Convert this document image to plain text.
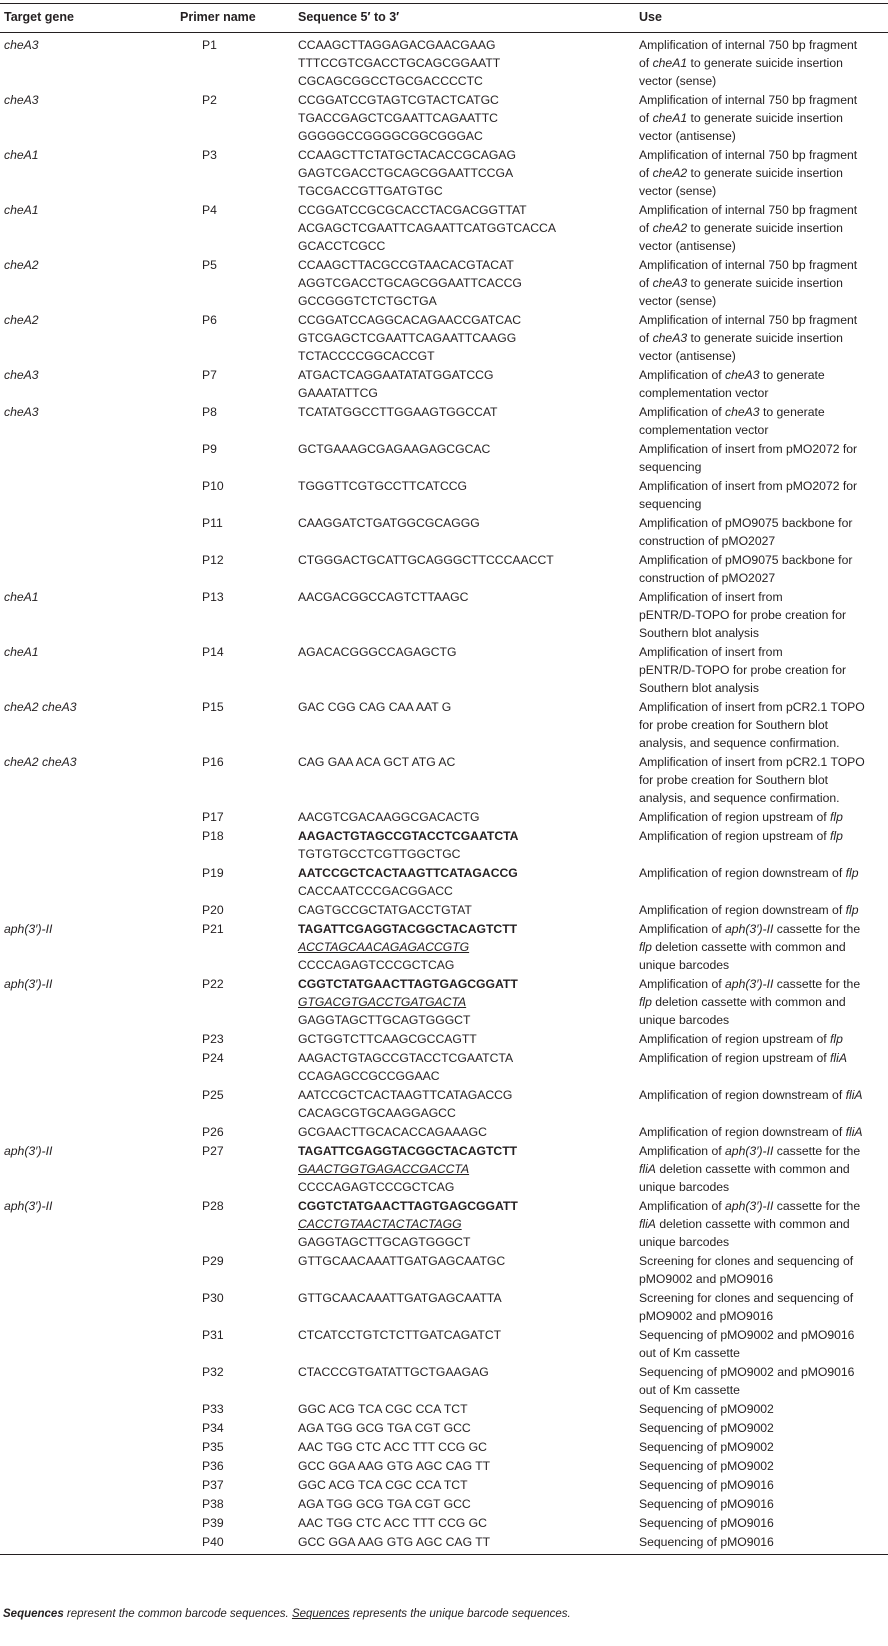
Target gene	Primer name	Sequence 5′ to 3′	Use
cheA3	P1	CCAAGCTTAGGAGACGAACGAAG
TTTCCGTCGACCTGCAGCGGAATT
CGCAGCGGCCTGCGACCCCTC	Amplification of internal 750 bp fragment
of cheA1 to generate suicide insertion
vector (sense)

cheA3	P2	CCGGATCCGTAGTCGTACTCATGC
TGACCGAGCTCGAATTCAGAATTC
GGGGGCCGGGGCGGCGGGAC	Amplification of internal 750 bp fragment
of cheA1 to generate suicide insertion
vector (antisense)

cheA1	P3	CCAAGCTTCTATGCTACACCGCAGAG
GAGTCGACCTGCAGCGGAATTCCGA
TGCGACCGTTGATGTGC	Amplification of internal 750 bp fragment
of cheA2 to generate suicide insertion
vector (sense)

cheA1	P4	CCGGATCCGCGCACCTACGACGGTTAT
ACGAGCTCGAATTCAGAATTCATGGTCACCA
GCACCTCGCC	Amplification of internal 750 bp fragment
of cheA2 to generate suicide insertion
vector (antisense)

cheA2	P5	CCAAGCTTACGCCGTAACACGTACAT
AGGTCGACCTGCAGCGGAATTCACCG
GCCGGGTCTCTGCTGA	Amplification of internal 750 bp fragment
of cheA3 to generate suicide insertion
vector (sense)

cheA2	P6	CCGGATCCAGGCACAGAACCGATCAC
GTCGAGCTCGAATTCAGAATTCAAGG
TCTACCCCGGCACCGT	Amplification of internal 750 bp fragment
of cheA3 to generate suicide insertion
vector (antisense)

cheA3	P7	ATGACTCAGGAATATATGGATCCG
GAAATATTCG	Amplification of cheA3 to generate
complementation vector

cheA3	P8	TCATATGGCCTTGGAAGTGGCCAT	Amplification of cheA3 to generate
complementation vector

	P9	GCTGAAAGCGAGAAGAGCGCAC	Amplification of insert from pMO2072 for
sequencing

	P10	TGGGTTCGTGCCTTCATCCG	Amplification of insert from pMO2072 for
sequencing

	P11	CAAGGATCTGATGGCGCAGGG	Amplification of pMO9075 backbone for
construction of pMO2027

	P12	CTGGGACTGCATTGCAGGGCTTCCCAACCT	Amplification of pMO9075 backbone for
construction of pMO2027

cheA1	P13	AACGACGGCCAGTCTTAAGC	Amplification of insert from
pENTR/D-TOPO for probe creation for
Southern blot analysis

cheA1	P14	AGACACGGGCCAGAGCTG	Amplification of insert from
pENTR/D-TOPO for probe creation for
Southern blot analysis

cheA2 cheA3	P15	GAC CGG CAG CAA AAT G	Amplification of insert from pCR2.1 TOPO
for probe creation for Southern blot
analysis, and sequence confirmation.

cheA2 cheA3	P16	CAG GAA ACA GCT ATG AC	Amplification of insert from pCR2.1 TOPO
for probe creation for Southern blot
analysis, and sequence confirmation.

	P17	AACGTCGACAAGGCGACACTG	Amplification of region upstream of flp

	P18	AAGACTGTAGCCGTACCTCGAATCTA
TGTGTGCCTCGTTGGCTGC	Amplification of region upstream of flp

	P19	AATCCGCTCACTAAGTTCATAGACCG
CACCAATCCCGACGGACC	Amplification of region downstream of flp

	P20	CAGTGCCGCTATGACCTGTAT	Amplification of region downstream of flp

aph(3′)-II	P21	TAGATTCGAGGTACGGCTACAGTCTT
ACCTAGCAACAGAGACCGTG
CCCCAGAGTCCCGCTCAG	Amplification of aph(3′)-II cassette for the
flp deletion cassette with common and
unique barcodes

aph(3′)-II	P22	CGGTCTATGAACTTAGTGAGCGGATT
GTGACGTGACCTGATGACTA
GAGGTAGCTTGCAGTGGGCT	Amplification of aph(3′)-II cassette for the
flp deletion cassette with common and
unique barcodes

	P23	GCTGGTCTTCAAGCGCCAGTT	Amplification of region upstream of flp

	P24	AAGACTGTAGCCGTACCTCGAATCTA
CCAGAGCCGCCGGAAC	Amplification of region upstream of fliA

	P25	AATCCGCTCACTAAGTTCATAGACCG
CACAGCGTGCAAGGAGCC	Amplification of region downstream of fliA

	P26	GCGAACTTGCACACCAGAAAGC	Amplification of region downstream of fliA

aph(3′)-II	P27	TAGATTCGAGGTACGGCTACAGTCTT
GAACTGGTGAGACCGACCTA
CCCCAGAGTCCCGCTCAG	Amplification of aph(3′)-II cassette for the
fliA deletion cassette with common and
unique barcodes

aph(3′)-II	P28	CGGTCTATGAACTTAGTGAGCGGATT
CACCTGTAACTACTACTAGG
GAGGTAGCTTGCAGTGGGCT	Amplification of aph(3′)-II cassette for the
fliA deletion cassette with common and
unique barcodes

	P29	GTTGCAACAAATTGATGAGCAATGC	Screening for clones and sequencing of
pMO9002 and pMO9016

	P30	GTTGCAACAAATTGATGAGCAATTA	Screening for clones and sequencing of
pMO9002 and pMO9016

	P31	CTCATCCTGTCTCTTGATCAGATCT	Sequencing of pMO9002 and pMO9016
out of Km cassette

	P32	CTACCCGTGATATTGCTGAAGAG	Sequencing of pMO9002 and pMO9016
out of Km cassette

	P33	GGC ACG TCA CGC CCA TCT	Sequencing of pMO9002

	P34	AGA TGG GCG TGA CGT GCC	Sequencing of pMO9002

	P35	AAC TGG CTC ACC TTT CCG GC	Sequencing of pMO9002

	P36	GCC GGA AAG GTG AGC CAG TT	Sequencing of pMO9002

	P37	GGC ACG TCA CGC CCA TCT	Sequencing of pMO9016

	P38	AGA TGG GCG TGA CGT GCC	Sequencing of pMO9016

	P39	AAC TGG CTC ACC TTT CCG GC	Sequencing of pMO9016

	P40	GCC GGA AAG GTG AGC CAG TT	Sequencing of pMO9016
Sequences represent the common barcode sequences. Sequences represents the unique barcode sequences.
